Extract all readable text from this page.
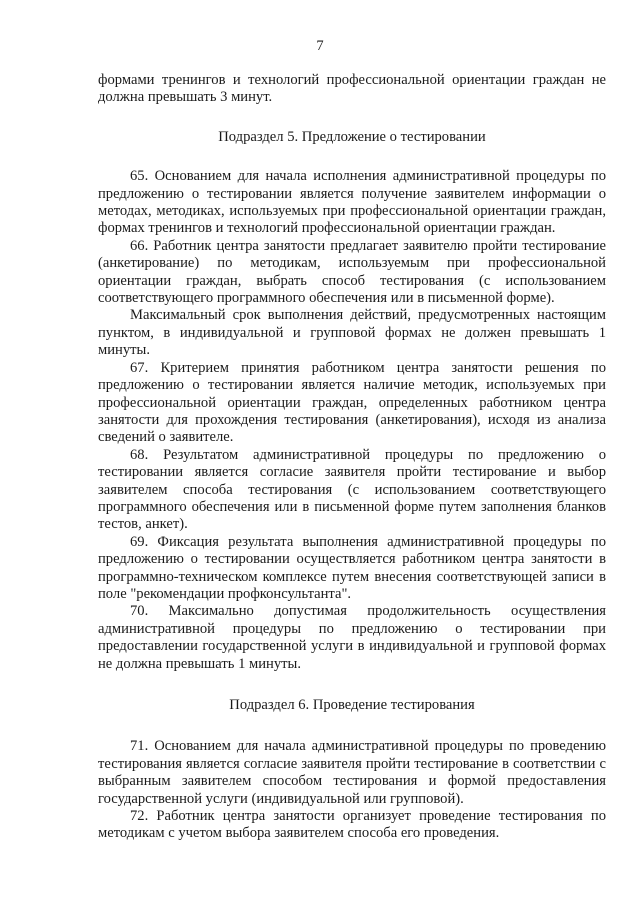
7

формами тренингов и технологий профессиональной ориентации граждан не должна превышать 3 минут.

Подраздел 5. Предложение о тестировании

65. Основанием для начала исполнения административной процедуры по предложению о тестировании является получение заявителем информации о методах, методиках, используемых при профессиональной ориентации граждан, формах тренингов и технологий профессиональной ориентации граждан.

66. Работник центра занятости предлагает заявителю пройти тестирование (анкетирование) по методикам, используемым при профессиональной ориентации граждан, выбрать способ тестирования (с использованием соответствующего программного обеспечения или в письменной форме).

Максимальный срок выполнения действий, предусмотренных настоящим пунктом, в индивидуальной и групповой формах не должен превышать 1 минуты.

67. Критерием принятия работником центра занятости решения по предложению о тестировании является наличие методик, используемых при профессиональной ориентации граждан, определенных работником центра занятости для прохождения тестирования (анкетирования), исходя из анализа сведений о заявителе.

68. Результатом административной процедуры по предложению о тестировании является согласие заявителя пройти тестирование и выбор заявителем способа тестирования (с использованием соответствующего программного обеспечения или в письменной форме путем заполнения бланков тестов, анкет).

69. Фиксация результата выполнения административной процедуры по предложению о тестировании осуществляется работником центра занятости в программно-техническом комплексе путем внесения соответствующей записи в поле "рекомендации профконсультанта".

70. Максимально допустимая продолжительность осуществления административной процедуры по предложению о тестировании при предоставлении государственной услуги в индивидуальной и групповой формах не должна превышать 1 минуты.

Подраздел 6. Проведение тестирования

71. Основанием для начала административной процедуры по проведению тестирования является согласие заявителя пройти тестирование в соответствии с выбранным заявителем способом тестирования и формой предоставления государственной услуги (индивидуальной или групповой).

72. Работник центра занятости организует проведение тестирования по методикам с учетом выбора заявителем способа его проведения.
